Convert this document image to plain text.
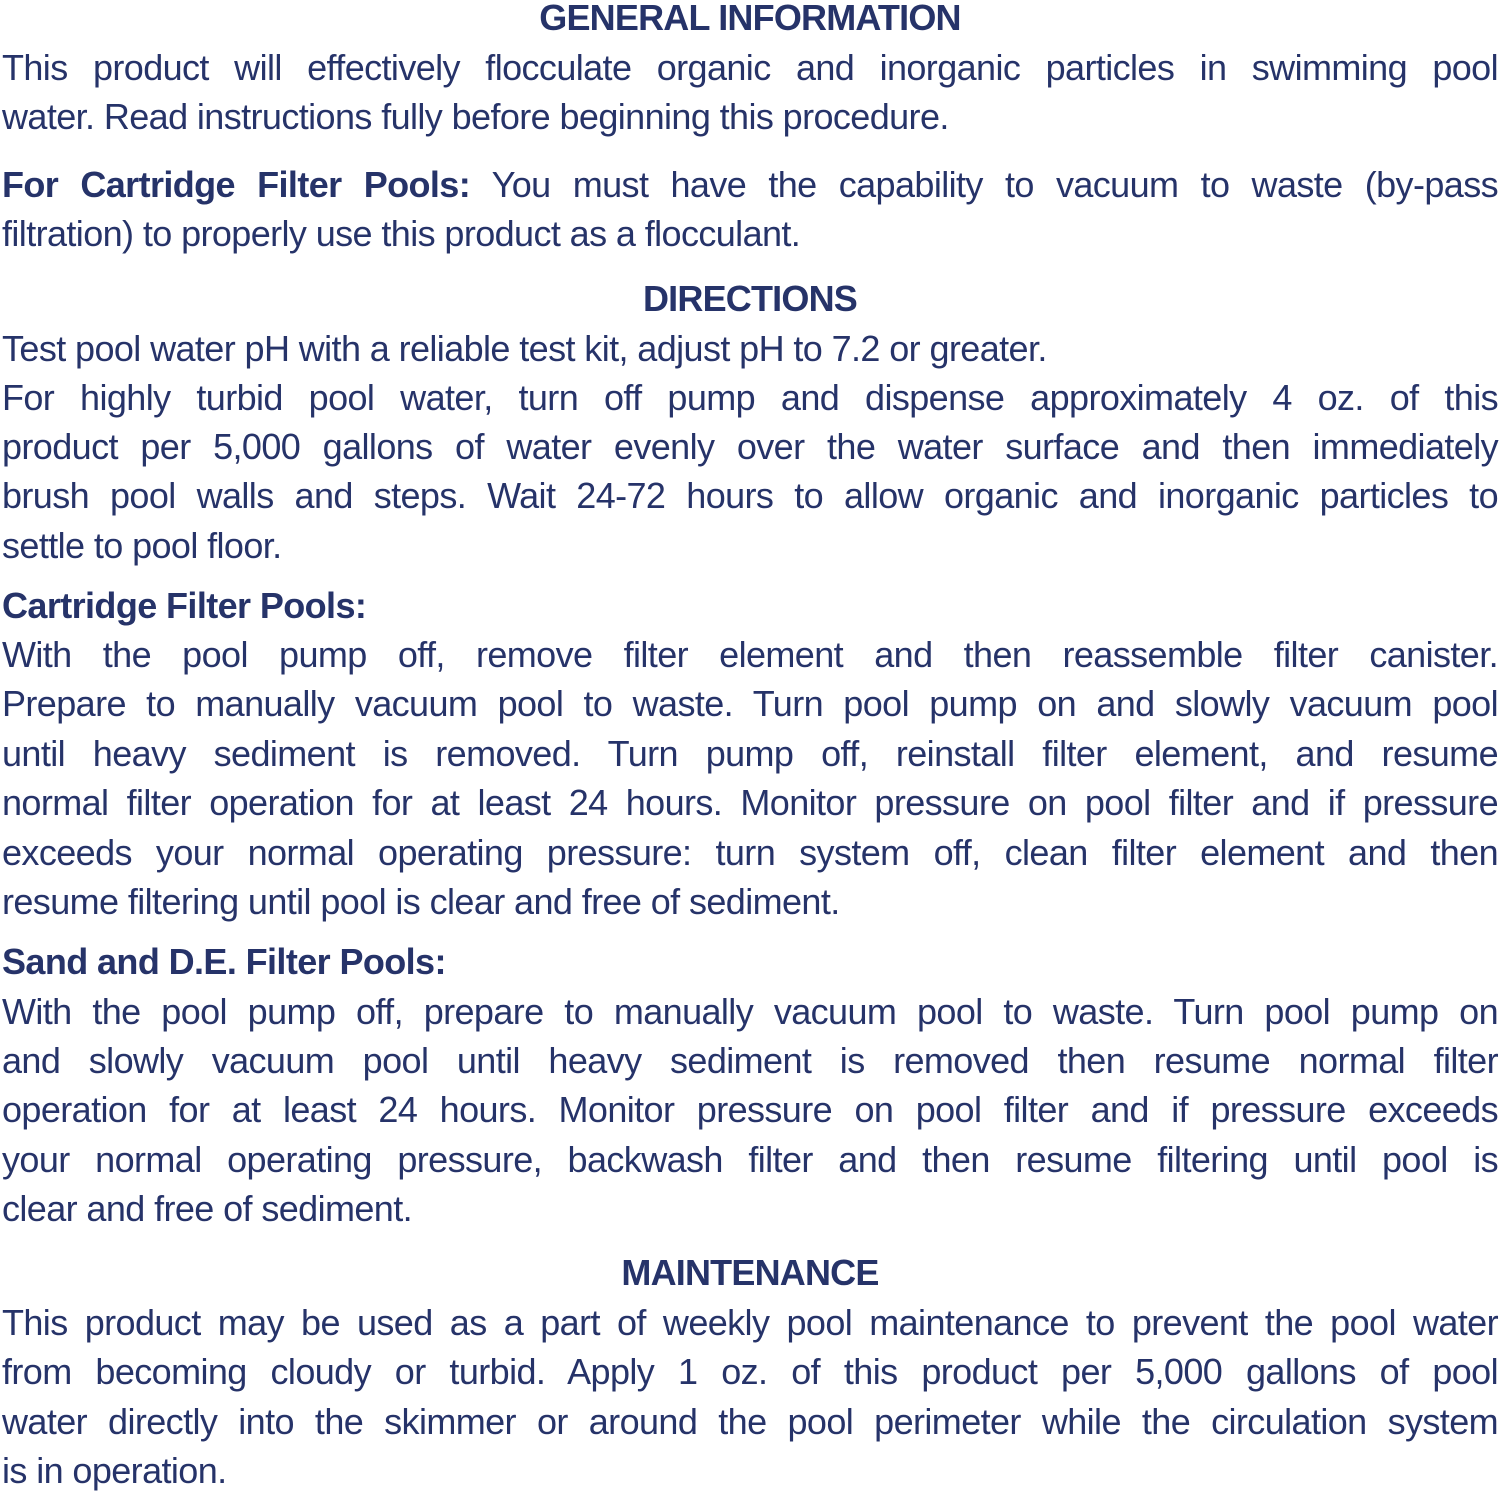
GENERAL INFORMATION
This product will effectively flocculate organic and inorganic particles in swimming pool
water. Read instructions fully before beginning this procedure.
For Cartridge Filter Pools: You must have the capability to vacuum to waste (by-pass
filtration) to properly use this product as a flocculant.
DIRECTIONS
Test pool water pH with a reliable test kit, adjust pH to 7.2 or greater.
For highly turbid pool water, turn off pump and dispense approximately 4 oz. of this
product per 5,000 gallons of water evenly over the water surface and then immediately
brush pool walls and steps. Wait 24-72 hours to allow organic and inorganic particles to
settle to pool floor.
Cartridge Filter Pools:
With the pool pump off, remove filter element and then reassemble filter canister.
Prepare to manually vacuum pool to waste. Turn pool pump on and slowly vacuum pool
until heavy sediment is removed. Turn pump off, reinstall filter element, and resume
normal filter operation for at least 24 hours. Monitor pressure on pool filter and if pressure
exceeds your normal operating pressure: turn system off, clean filter element and then
resume filtering until pool is clear and free of sediment.
Sand and D.E. Filter Pools:
With the pool pump off, prepare to manually vacuum pool to waste. Turn pool pump on
and slowly vacuum pool until heavy sediment is removed then resume normal filter
operation for at least 24 hours. Monitor pressure on pool filter and if pressure exceeds
your normal operating pressure, backwash filter and then resume filtering until pool is
clear and free of sediment.
MAINTENANCE
This product may be used as a part of weekly pool maintenance to prevent the pool water
from becoming cloudy or turbid. Apply 1 oz. of this product per 5,000 gallons of pool
water directly into the skimmer or around the pool perimeter while the circulation system
is in operation.
